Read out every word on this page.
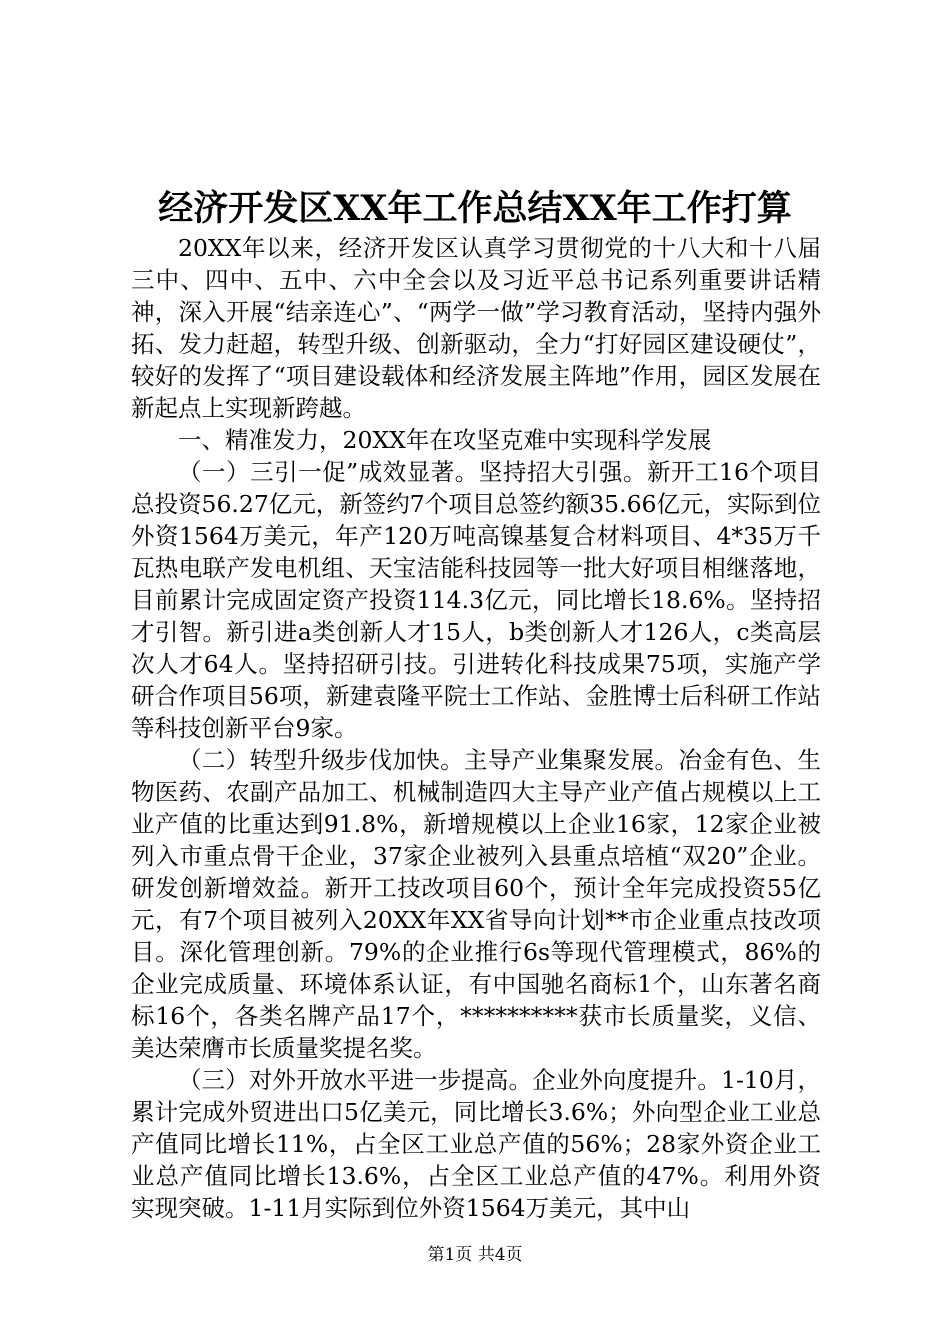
经济开发区XX年工作总结XX年工作打算

20XX年以来，经济开发区认真学习贯彻党的十八大和十八届三中、四中、五中、六中全会以及习近平总书记系列重要讲话精神，深入开展“结亲连心”、“两学一做”学习教育活动，坚持内强外拓、发力赶超，转型升级、创新驱动，全力“打好园区建设硬仗”，较好的发挥了“项目建设载体和经济发展主阵地”作用，园区发展在新起点上实现新跨越。

一、精准发力，20XX年在攻坚克难中实现科学发展

（一）三引一促”成效显著。坚持招大引强。新开工16个项目总投资56.27亿元，新签约7个项目总签约额35.66亿元，实际到位外资1564万美元，年产120万吨高镍基复合材料项目、4*35万千瓦热电联产发电机组、天宝洁能科技园等一批大好项目相继落地，目前累计完成固定资产投资114.3亿元，同比增长18.6%。坚持招才引智。新引进a类创新人才15人，b类创新人才126人，c类高层次人才64人。坚持招研引技。引进转化科技成果75项，实施产学研合作项目56项，新建袁隆平院士工作站、金胜博士后科研工作站等科技创新平台9家。

（二）转型升级步伐加快。主导产业集聚发展。冶金有色、生物医药、农副产品加工、机械制造四大主导产业产值占规模以上工业产值的比重达到91.8%，新增规模以上企业16家，12家企业被列入市重点骨干企业，37家企业被列入县重点培植“双20”企业。研发创新增效益。新开工技改项目60个，预计全年完成投资55亿元，有7个项目被列入20XX年XX省导向计划**市企业重点技改项目。深化管理创新。79%的企业推行6s等现代管理模式，86%的企业完成质量、环境体系认证，有中国驰名商标1个，山东著名商标16个，各类名牌产品17个，**********获市长质量奖，义信、美达荣膺市长质量奖提名奖。

（三）对外开放水平进一步提高。企业外向度提升。1-10月，累计完成外贸进出口5亿美元，同比增长3.6%；外向型企业工业总产值同比增长11%，占全区工业总产值的56%；28家外资企业工业总产值同比增长13.6%，占全区工业总产值的47%。利用外资实现突破。1-11月实际到位外资1564万美元，其中山

第1页 共4页
